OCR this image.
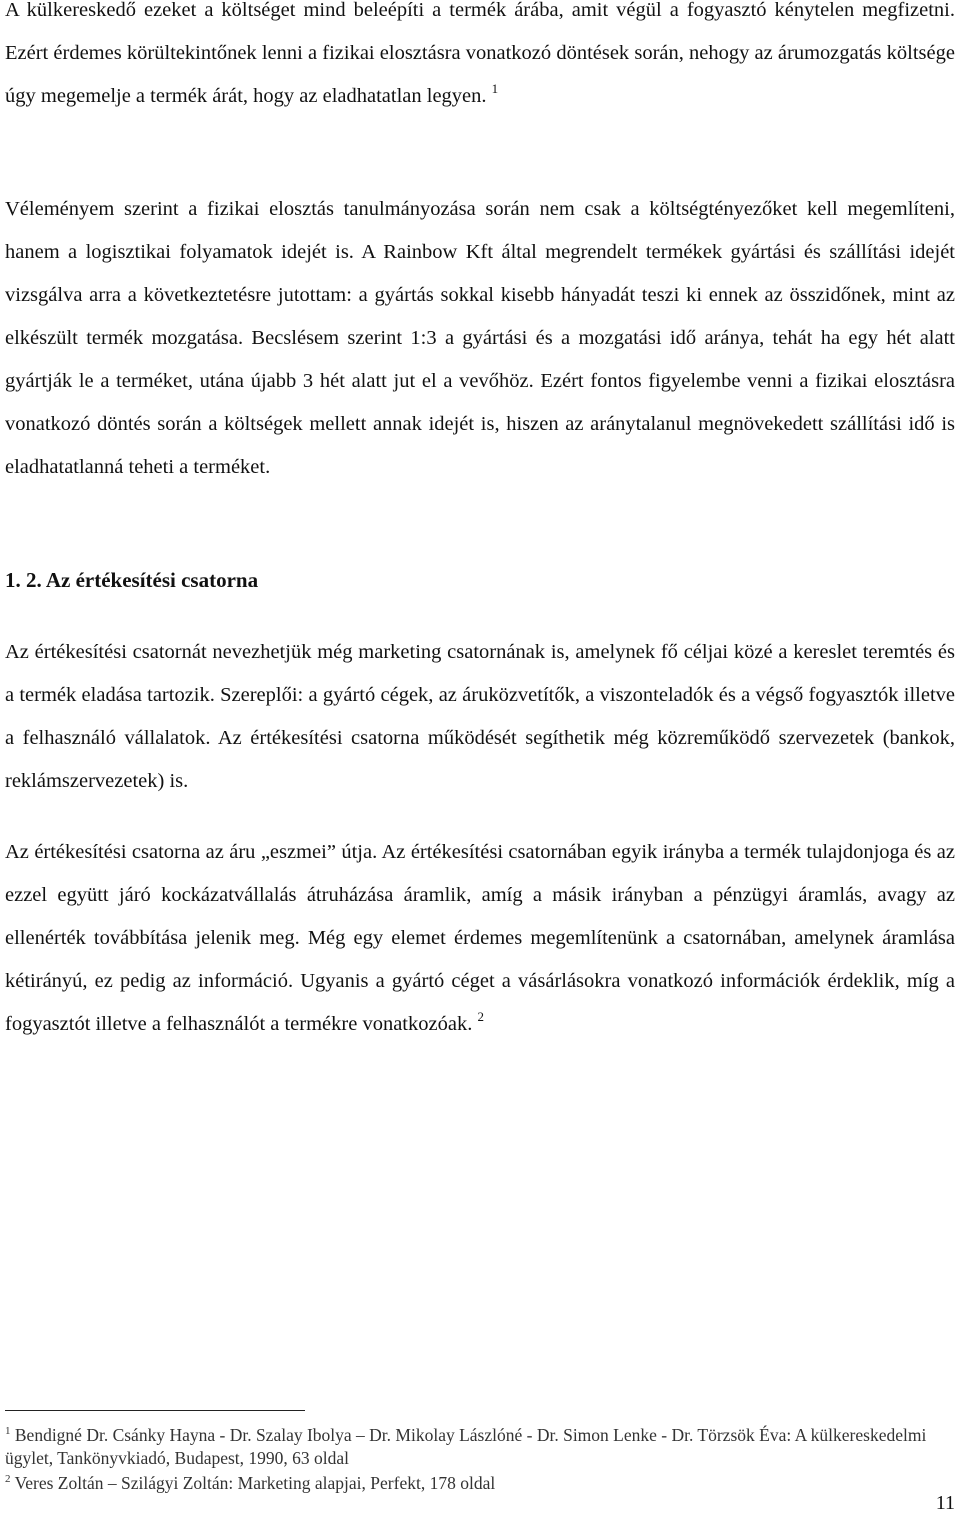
A külkereskedő ezeket a költséget mind beleépíti a termék árába, amit végül a fogyasztó kénytelen megfizetni. Ezért érdemes körültekintőnek lenni a fizikai elosztásra vonatkozó döntések során, nehogy az árumozgatás költsége úgy megemelje a termék árát, hogy az eladhatatlan legyen. $^1$

Véleményem szerint a fizikai elosztás tanulmányozása során nem csak a költségtényezőket kell megemlíteni, hanem a logisztikai folyamatok idejét is. A Rainbow Kft által megrendelt termékek gyártási és szállítási idejét vizsgálva arra a következtetésre jutottam: a gyártás sokkal kisebb hányadát teszi ki ennek az összidőnek, mint az elkészült termék mozgatása. Becslésem szerint 1:3 a gyártási és a mozgatási idő aránya, tehát ha egy hét alatt gyártják le a terméket, utána újabb 3 hét alatt jut el a vevőhöz. Ezért fontos figyelembe venni a fizikai elosztásra vonatkozó döntés során a költségek mellett annak idejét is, hiszen az aránytalanul megnövekedett szállítási idő is eladhatatlanná teheti a terméket.

1. 2. Az értékesítési csatorna

Az értékesítési csatornát nevezhetjük még marketing csatornának is, amelynek fő céljai közé a kereslet teremtés és a termék eladása tartozik. Szereplői: a gyártó cégek, az áruközvetítők, a viszonteladók és a végső fogyasztók illetve a felhasználó vállalatok. Az értékesítési csatorna működését segíthetik még közreműködő szervezetek (bankok, reklámszervezetek) is.

Az értékesítési csatorna az áru „eszmei” útja. Az értékesítési csatornában egyik irányba a termék tulajdonjoga és az ezzel együtt járó kockázatvállalás átruházása áramlik, amíg a másik irányban a pénzügyi áramlás, avagy az ellenérték továbbítása jelenik meg. Még egy elemet érdemes megemlítenünk a csatornában, amelynek áramlása kétirányú, ez pedig az információ. Ugyanis a gyártó céget a vásárlásokra vonatkozó információk érdeklik, míg a fogyasztót illetve a felhasználót a termékre vonatkozóak. $^2$

$^1$ Bendigné Dr. Csánky Hayna - Dr. Szalay Ibolya – Dr. Mikolay Lászlóné - Dr. Simon Lenke - Dr. Törzsök Éva: A külkereskedelmi ügylet, Tankönyvkiadó, Budapest, 1990, 63 oldal
$^2$ Veres Zoltán – Szilágyi Zoltán: Marketing alapjai, Perfekt, 178 oldal
11
